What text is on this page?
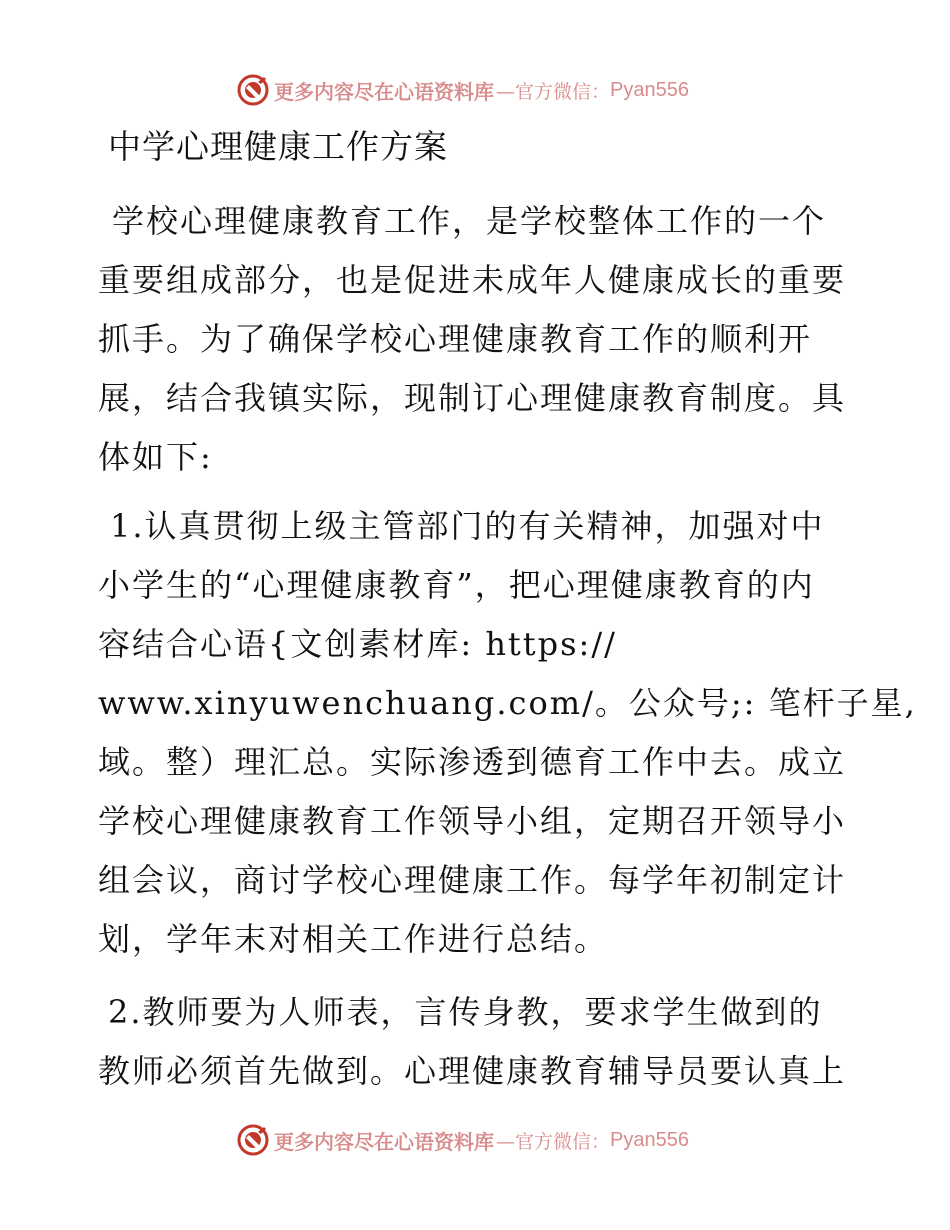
更多内容尽在心语资料库 —官方微信： Pyan556
中学心理健康工作方案

学校心理健康教育工作，是学校整体工作的一个
重要组成部分，也是促进未成年人健康成长的重要
抓手。为了确保学校心理健康教育工作的顺利开
展，结合我镇实际，现制订心理健康教育制度。具
体如下:

1.认真贯彻上级主管部门的有关精神，加强对中
小学生的“心理健康教育”，把心理健康教育的内
容结合心语{文创素材库: https://
www.xinyuwenchuang.com/。公众号;: 笔杆子星,
域。整）理汇总。实际渗透到德育工作中去。成立
学校心理健康教育工作领导小组，定期召开领导小
组会议，商讨学校心理健康工作。每学年初制定计
划，学年末对相关工作进行总结。

2.教师要为人师表，言传身教，要求学生做到的
教师必须首先做到。心理健康教育辅导员要认真上

更多内容尽在心语资料库 —官方微信： Pyan556
